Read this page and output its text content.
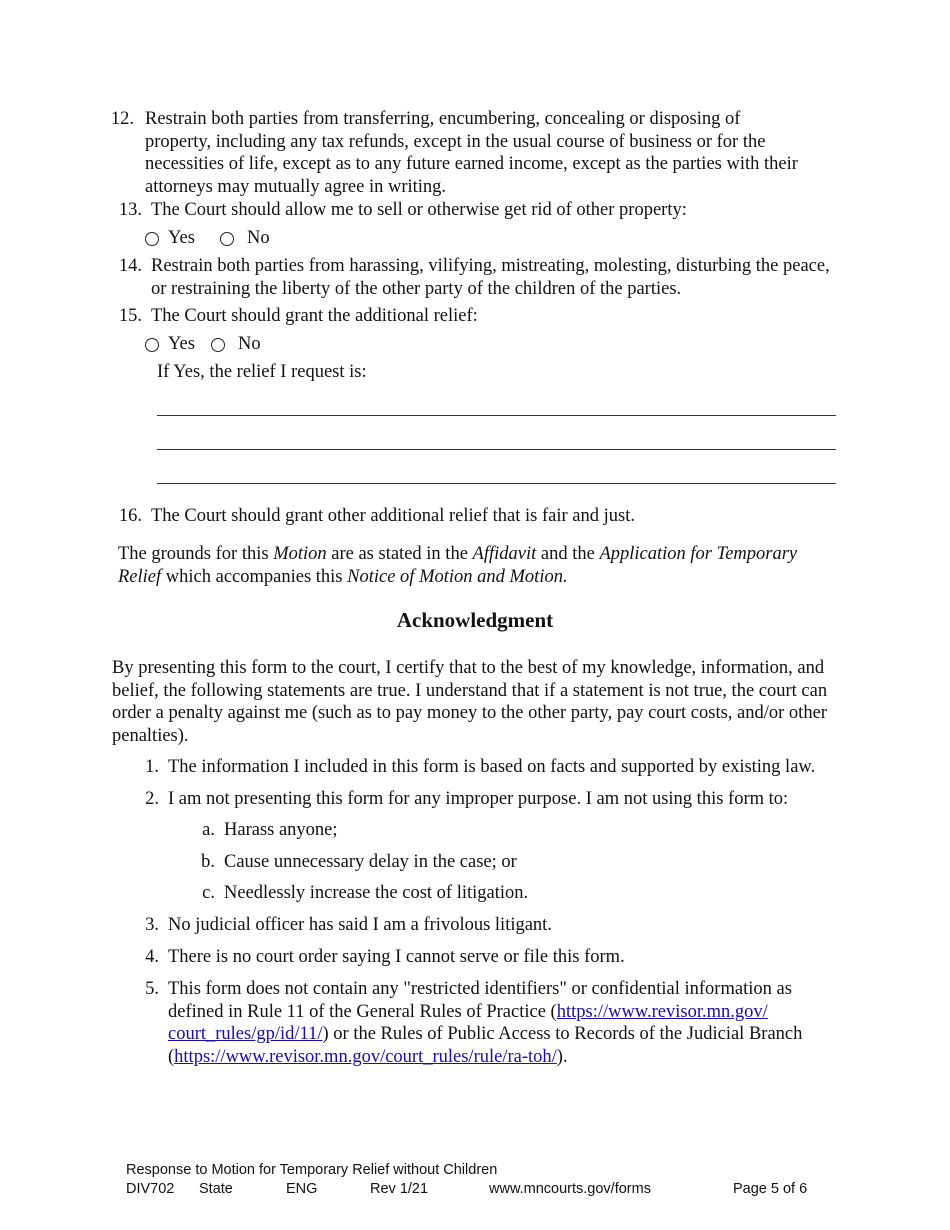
12. Restrain both parties from transferring, encumbering, concealing or disposing of
property, including any tax refunds, except in the usual course of business or for the
necessities of life, except as to any future earned income, except as the parties with their
attorneys may mutually agree in writing.
13. The Court should allow me to sell or otherwise get rid of other property:
Yes	No
14. Restrain both parties from harassing, vilifying, mistreating, molesting, disturbing the peace,
or restraining the liberty of the other party of the children of the parties.
15. The Court should grant the additional relief:
Yes No
If Yes, the relief I request is:
16. The Court should grant other additional relief that is fair and just.
The grounds for this Motion are as stated in the Affidavit and the Application for Temporary
Relief which accompanies this Notice of Motion and Motion.
Acknowledgment
By presenting this form to the court, I certify that to the best of my knowledge, information, and
belief, the following statements are true. I understand that if a statement is not true, the court can
order a penalty against me (such as to pay money to the other party, pay court costs, and/or other
penalties).
1. The information I included in this form is based on facts and supported by existing law.
2. I am not presenting this form for any improper purpose. I am not using this form to:
a. Harass anyone;
b. Cause unnecessary delay in the case; or
c. Needlessly increase the cost of litigation.
3. No judicial officer has said I am a frivolous litigant.
4. There is no court order saying I cannot serve or file this form.
5. This form does not contain any "restricted identifiers" or confidential information as
defined in Rule 11 of the General Rules of Practice (https://www.revisor.mn.gov/
court_rules/gp/id/11/) or the Rules of Public Access to Records of the Judicial Branch
(https://www.revisor.mn.gov/court_rules/rule/ra-toh/).
Response to Motion for Temporary Relief without Children
DIV702 State	ENG	Rev 1/21	www.mncourts.gov/forms	Page 5 of 6
